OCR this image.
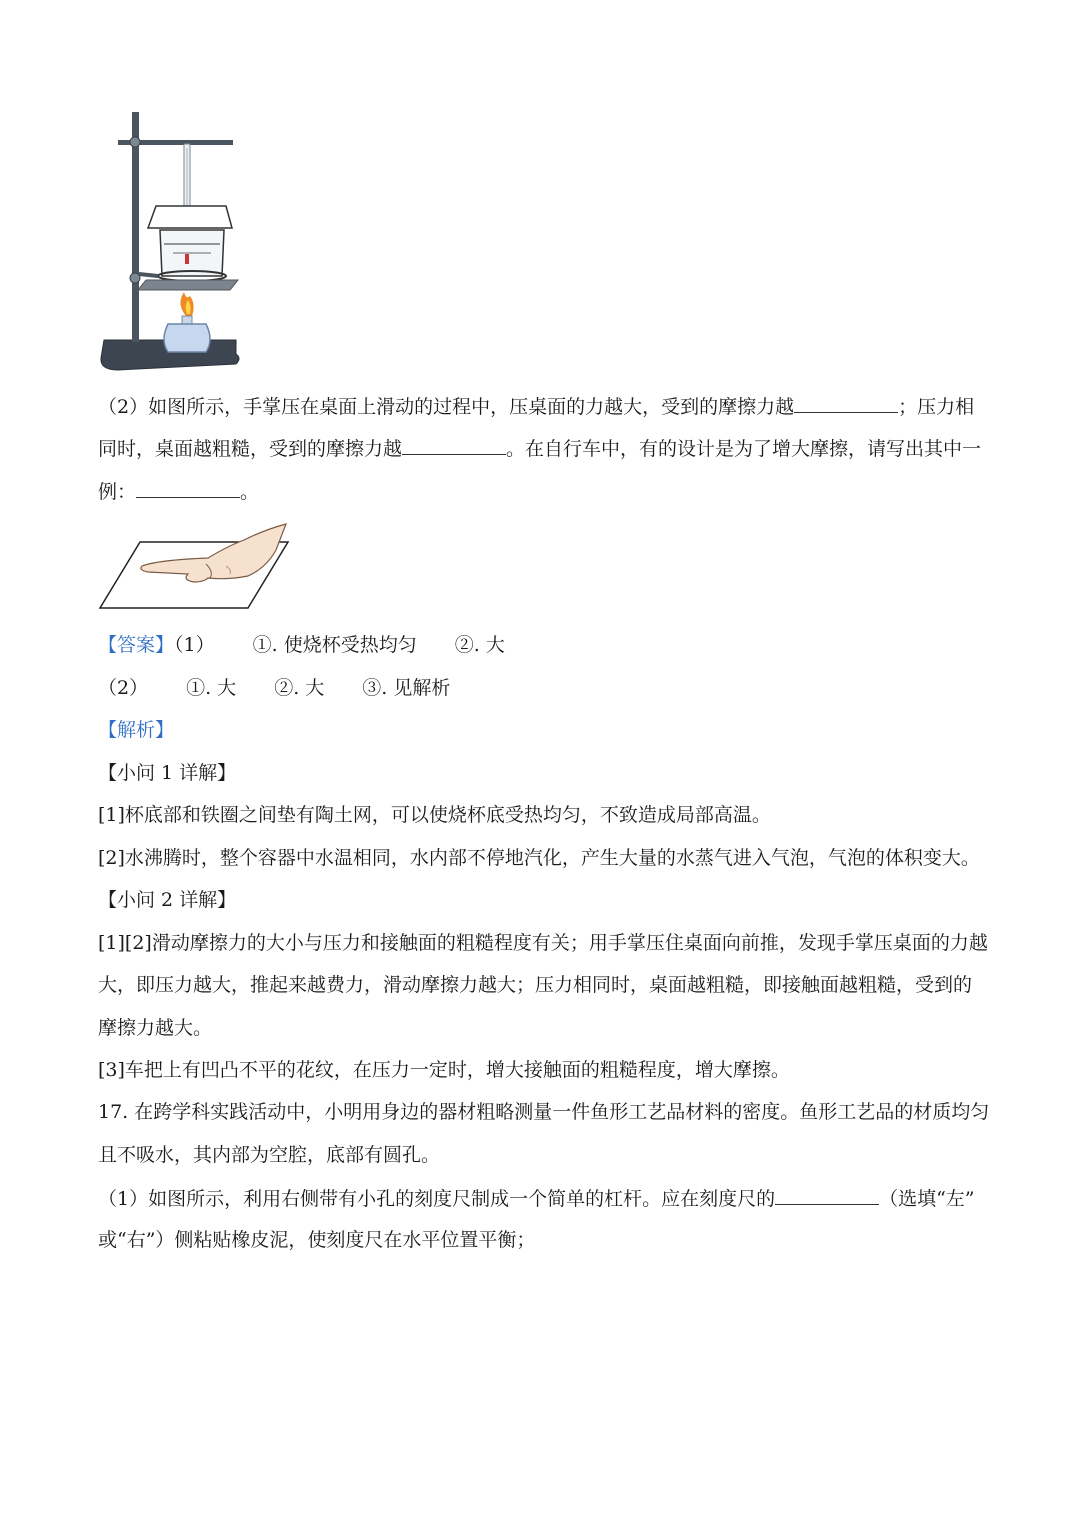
（2）如图所示，手掌压在桌面上滑动的过程中，压桌面的力越大，受到的摩擦力越	；压力相
同时，桌面越粗糙，受到的摩擦力越	。在自行车中，有的设计是为了增大摩擦，请写出其中一
例：	。
【答案】（1） ①. 使烧杯受热均匀 ②. 大
（2） ①. 大 ②. 大 ③. 见解析
【解析】
【小问 1 详解】
[1]杯底部和铁圈之间垫有陶土网，可以使烧杯底受热均匀，不致造成局部高温。
[2]水沸腾时，整个容器中水温相同，水内部不停地汽化，产生大量的水蒸气进入气泡，气泡的体积变大。
【小问 2 详解】
[1][2]滑动摩擦力的大小与压力和接触面的粗糙程度有关；用手掌压住桌面向前推，发现手掌压桌面的力越
大，即压力越大，推起来越费力，滑动摩擦力越大；压力相同时，桌面越粗糙，即接触面越粗糙，受到的
摩擦力越大。
[3]车把上有凹凸不平的花纹，在压力一定时，增大接触面的粗糙程度，增大摩擦。
17. 在跨学科实践活动中，小明用身边的器材粗略测量一件鱼形工艺品材料的密度。鱼形工艺品的材质均匀
且不吸水，其内部为空腔，底部有圆孔。
（1）如图所示，利用右侧带有小孔的刻度尺制成一个简单的杠杆。应在刻度尺的	（选填“左”
或“右”）侧粘贴橡皮泥，使刻度尺在水平位置平衡；
